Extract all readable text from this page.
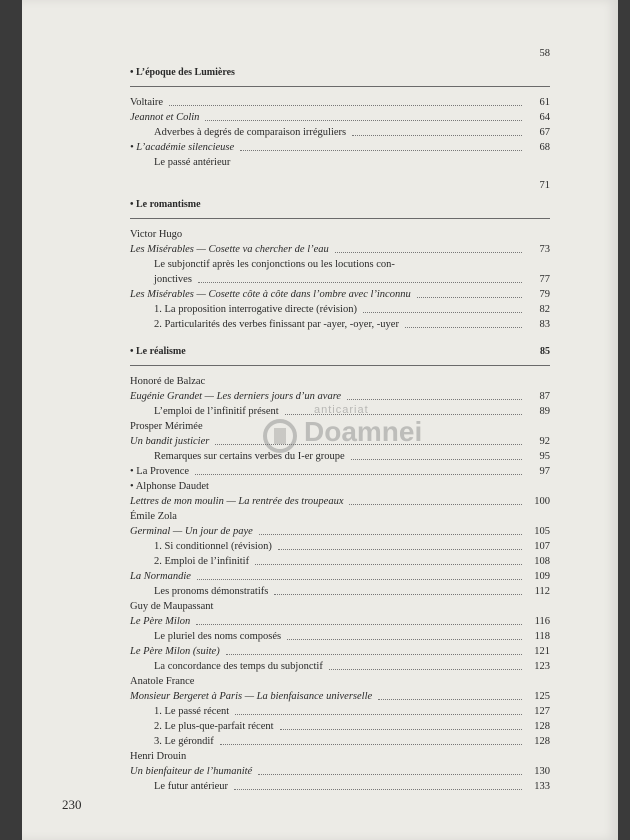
58
• L’époque des Lumières
Voltaire	61
Jeannot et Colin	64
Adverbes à degrés de comparaison irréguliers	67
• L’académie silencieuse	68
Le passé antérieur
71
• Le romantisme
Victor Hugo
Les Misérables — Cosette va chercher de l’eau	73
Le subjonctif après les conjonctions ou les locutions con-
jonctives	77
Les Misérables — Cosette côte à côte dans l’ombre avec l’inconnu	79
1. La proposition interrogative directe (révision)	82
2. Particularités des verbes finissant par -ayer, -oyer, -uyer	83
• Le réalisme	85
Honoré de Balzac
Eugénie Grandet — Les derniers jours d’un avare	87
L’emploi de l’infinitif présent	89
Prosper Mérimée
Un bandit justicier	92
Remarques sur certains verbes du I-er groupe	95
• La Provence	97
• Alphonse Daudet
Lettres de mon moulin — La rentrée des troupeaux	100
Émile Zola
Germinal — Un jour de paye	105
1. Si conditionnel (révision)	107
2. Emploi de l’infinitif	108
La Normandie	109
Les pronoms démonstratifs	112
Guy de Maupassant
Le Père Milon	116
Le pluriel des noms composés	118
Le Père Milon (suite)	121
La concordance des temps du subjonctif	123
Anatole France
Monsieur Bergeret à Paris — La bienfaisance universelle	125
1. Le passé récent	127
2. Le plus-que-parfait récent	128
3. Le gérondif	128
Henri Drouin
Un bienfaiteur de l’humanité	130
Le futur antérieur	133
anticariat
Doamnei
230
